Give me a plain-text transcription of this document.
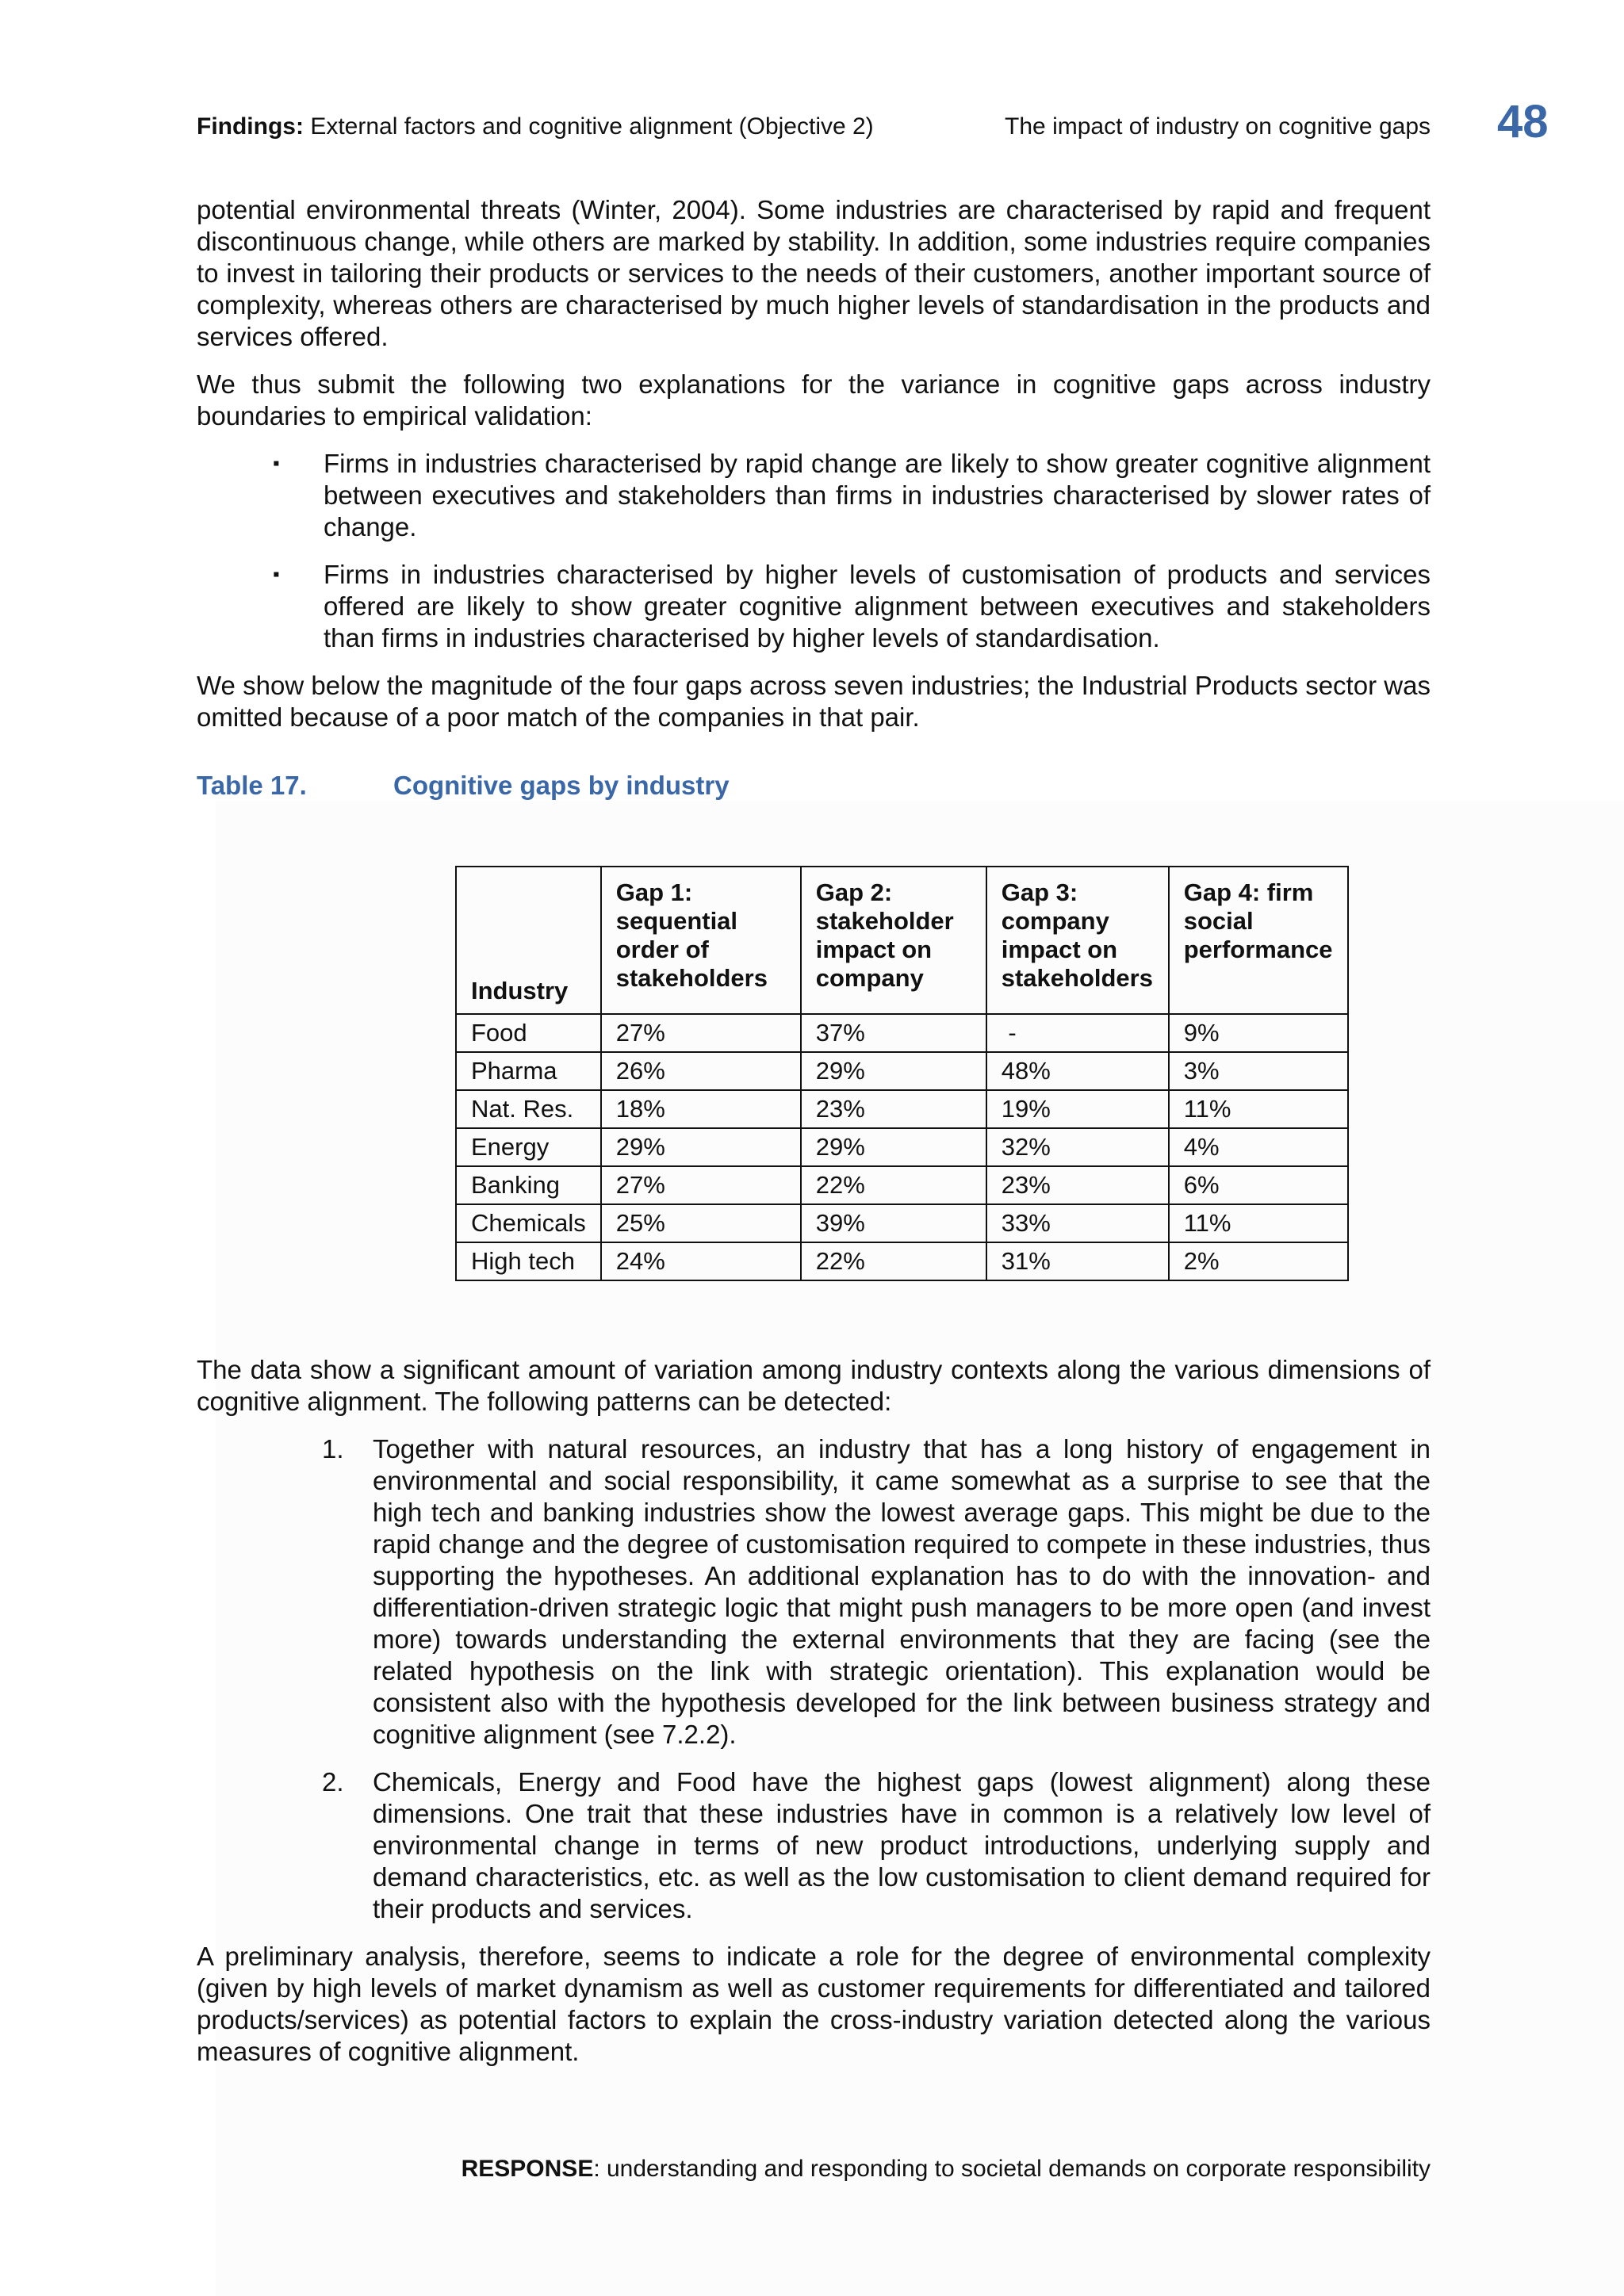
Findings: External factors and cognitive alignment (Objective 2)	The impact of industry on cognitive gaps 48

potential environmental threats (Winter, 2004). Some industries are characterised by rapid and frequent discontinuous change, while others are marked by stability. In addition, some industries require companies to invest in tailoring their products or services to the needs of their customers, another important source of complexity, whereas others are characterised by much higher levels of standardisation in the products and services offered.

We thus submit the following two explanations for the variance in cognitive gaps across industry boundaries to empirical validation:

▪ Firms in industries characterised by rapid change are likely to show greater cognitive alignment between executives and stakeholders than firms in industries characterised by slower rates of change.
▪ Firms in industries characterised by higher levels of customisation of products and services offered are likely to show greater cognitive alignment between executives and stakeholders than firms in industries characterised by higher levels of standardisation.

We show below the magnitude of the four gaps across seven industries; the Industrial Products sector was omitted because of a poor match of the companies in that pair.

Table 17.	Cognitive gaps by industry
Industry	Gap 1: sequential order of stakeholders	Gap 2: stakeholder impact on company	Gap 3: company impact on stakeholders	Gap 4: firm social performance
Food	27%	37%	-	9%
Pharma	26%	29%	48%	3%
Nat. Res.	18%	23%	19%	11%
Energy	29%	29%	32%	4%
Banking	27%	22%	23%	6%
Chemicals	25%	39%	33%	11%
High tech	24%	22%	31%	2%

The data show a significant amount of variation among industry contexts along the various dimensions of cognitive alignment. The following patterns can be detected:

1. Together with natural resources, an industry that has a long history of engagement in environmental and social responsibility, it came somewhat as a surprise to see that the high tech and banking industries show the lowest average gaps. This might be due to the rapid change and the degree of customisation required to compete in these industries, thus supporting the hypotheses. An additional explanation has to do with the innovation- and differentiation-driven strategic logic that might push managers to be more open (and invest more) towards understanding the external environments that they are facing (see the related hypothesis on the link with strategic orientation). This explanation would be consistent also with the hypothesis developed for the link between business strategy and cognitive alignment (see 7.2.2).
2. Chemicals, Energy and Food have the highest gaps (lowest alignment) along these dimensions. One trait that these industries have in common is a relatively low level of environmental change in terms of new product introductions, underlying supply and demand characteristics, etc. as well as the low customisation to client demand required for their products and services.

A preliminary analysis, therefore, seems to indicate a role for the degree of environmental complexity (given by high levels of market dynamism as well as customer requirements for differentiated and tailored products/services) as potential factors to explain the cross-industry variation detected along the various measures of cognitive alignment.

RESPONSE: understanding and responding to societal demands on corporate responsibility
